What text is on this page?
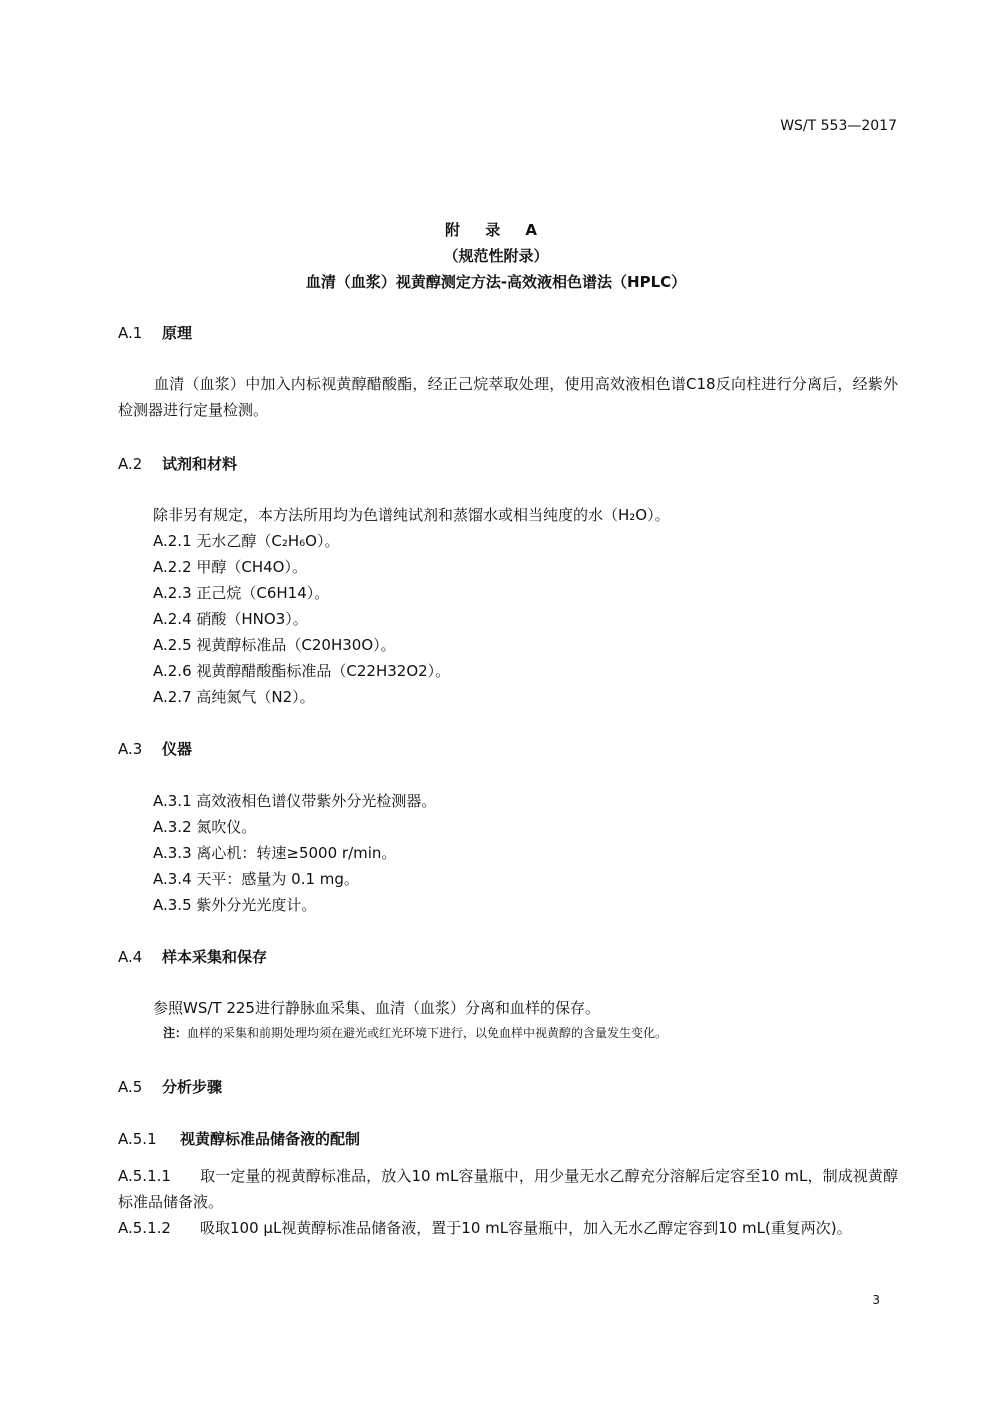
WS/T 553—2017
附 录 A
（规范性附录）
血清（血浆）视黄醇测定方法-高效液相色谱法（HPLC）
A.1 原理
血清（血浆）中加入内标视黄醇醋酸酯，经正己烷萃取处理，使用高效液相色谱C18反向柱进行分离后，经紫外检测器进行定量检测。
A.2 试剂和材料
除非另有规定，本方法所用均为色谱纯试剂和蒸馏水或相当纯度的水（H₂O）。
A.2.1 无水乙醇（C₂H₆O）。
A.2.2 甲醇（CH4O）。
A.2.3 正己烷（C6H14）。
A.2.4 硝酸（HNO3）。
A.2.5 视黄醇标准品（C20H30O）。
A.2.6 视黄醇醋酸酯标准品（C22H32O2）。
A.2.7 高纯氮气（N2）。
A.3 仪器
A.3.1 高效液相色谱仪带紫外分光检测器。
A.3.2 氮吹仪。
A.3.3 离心机：转速≥5000 r/min。
A.3.4 天平：感量为 0.1 mg。
A.3.5 紫外分光光度计。
A.4 样本采集和保存
参照WS/T 225进行静脉血采集、血清（血浆）分离和血样的保存。
注：血样的采集和前期处理均须在避光或红光环境下进行，以免血样中视黄醇的含量发生变化。
A.5 分析步骤
A.5.1 视黄醇标准品储备液的配制
A.5.1.1 取一定量的视黄醇标准品，放入10 mL容量瓶中，用少量无水乙醇充分溶解后定容至10 mL，制成视黄醇标准品储备液。
A.5.1.2 吸取100 μL视黄醇标准品储备液，置于10 mL容量瓶中，加入无水乙醇定容到10 mL(重复两次)。
3
